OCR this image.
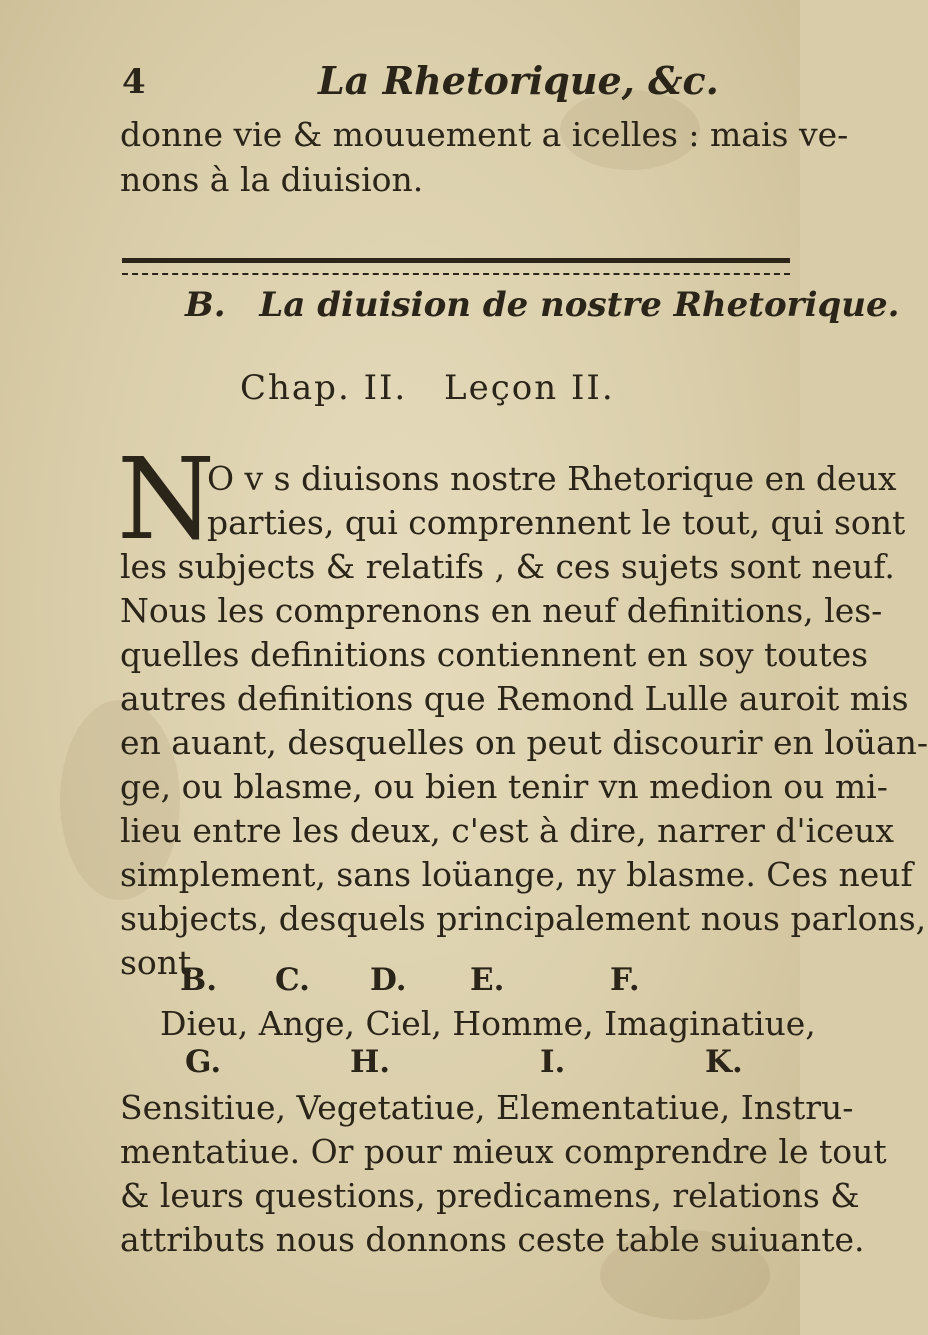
4	La Rhetorique, &c.
donne vie & mouuement a icelles : mais ve-
nons à la diuision.
B. La diuision de nostre Rhetorique.
Chap. II. Leçon II.
N
O v s diuisons nostre Rhetorique en deux
parties, qui comprennent le tout, qui sont
les subjects & relatifs , & ces sujets sont neuf.
Nous les comprenons en neuf definitions, les-
quelles definitions contiennent en soy toutes
autres definitions que Remond Lulle auroit mis
en auant, desquelles on peut discourir en loüan-
ge, ou blasme, ou bien tenir vn medion ou mi-
lieu entre les deux, c'est à dire, narrer d'iceux
simplement, sans loüange, ny blasme. Ces neuf
subjects, desquels principalement nous parlons,
sont
B. C. D. E.	F.
Dieu, Ange, Ciel, Homme, Imaginatiue,
G.	H.	I.	K.
Sensitiue, Vegetatiue, Elementatiue, Instru-
mentatiue. Or pour mieux comprendre le tout
& leurs questions, predicamens, relations &
attributs nous donnons ceste table suiuante.
